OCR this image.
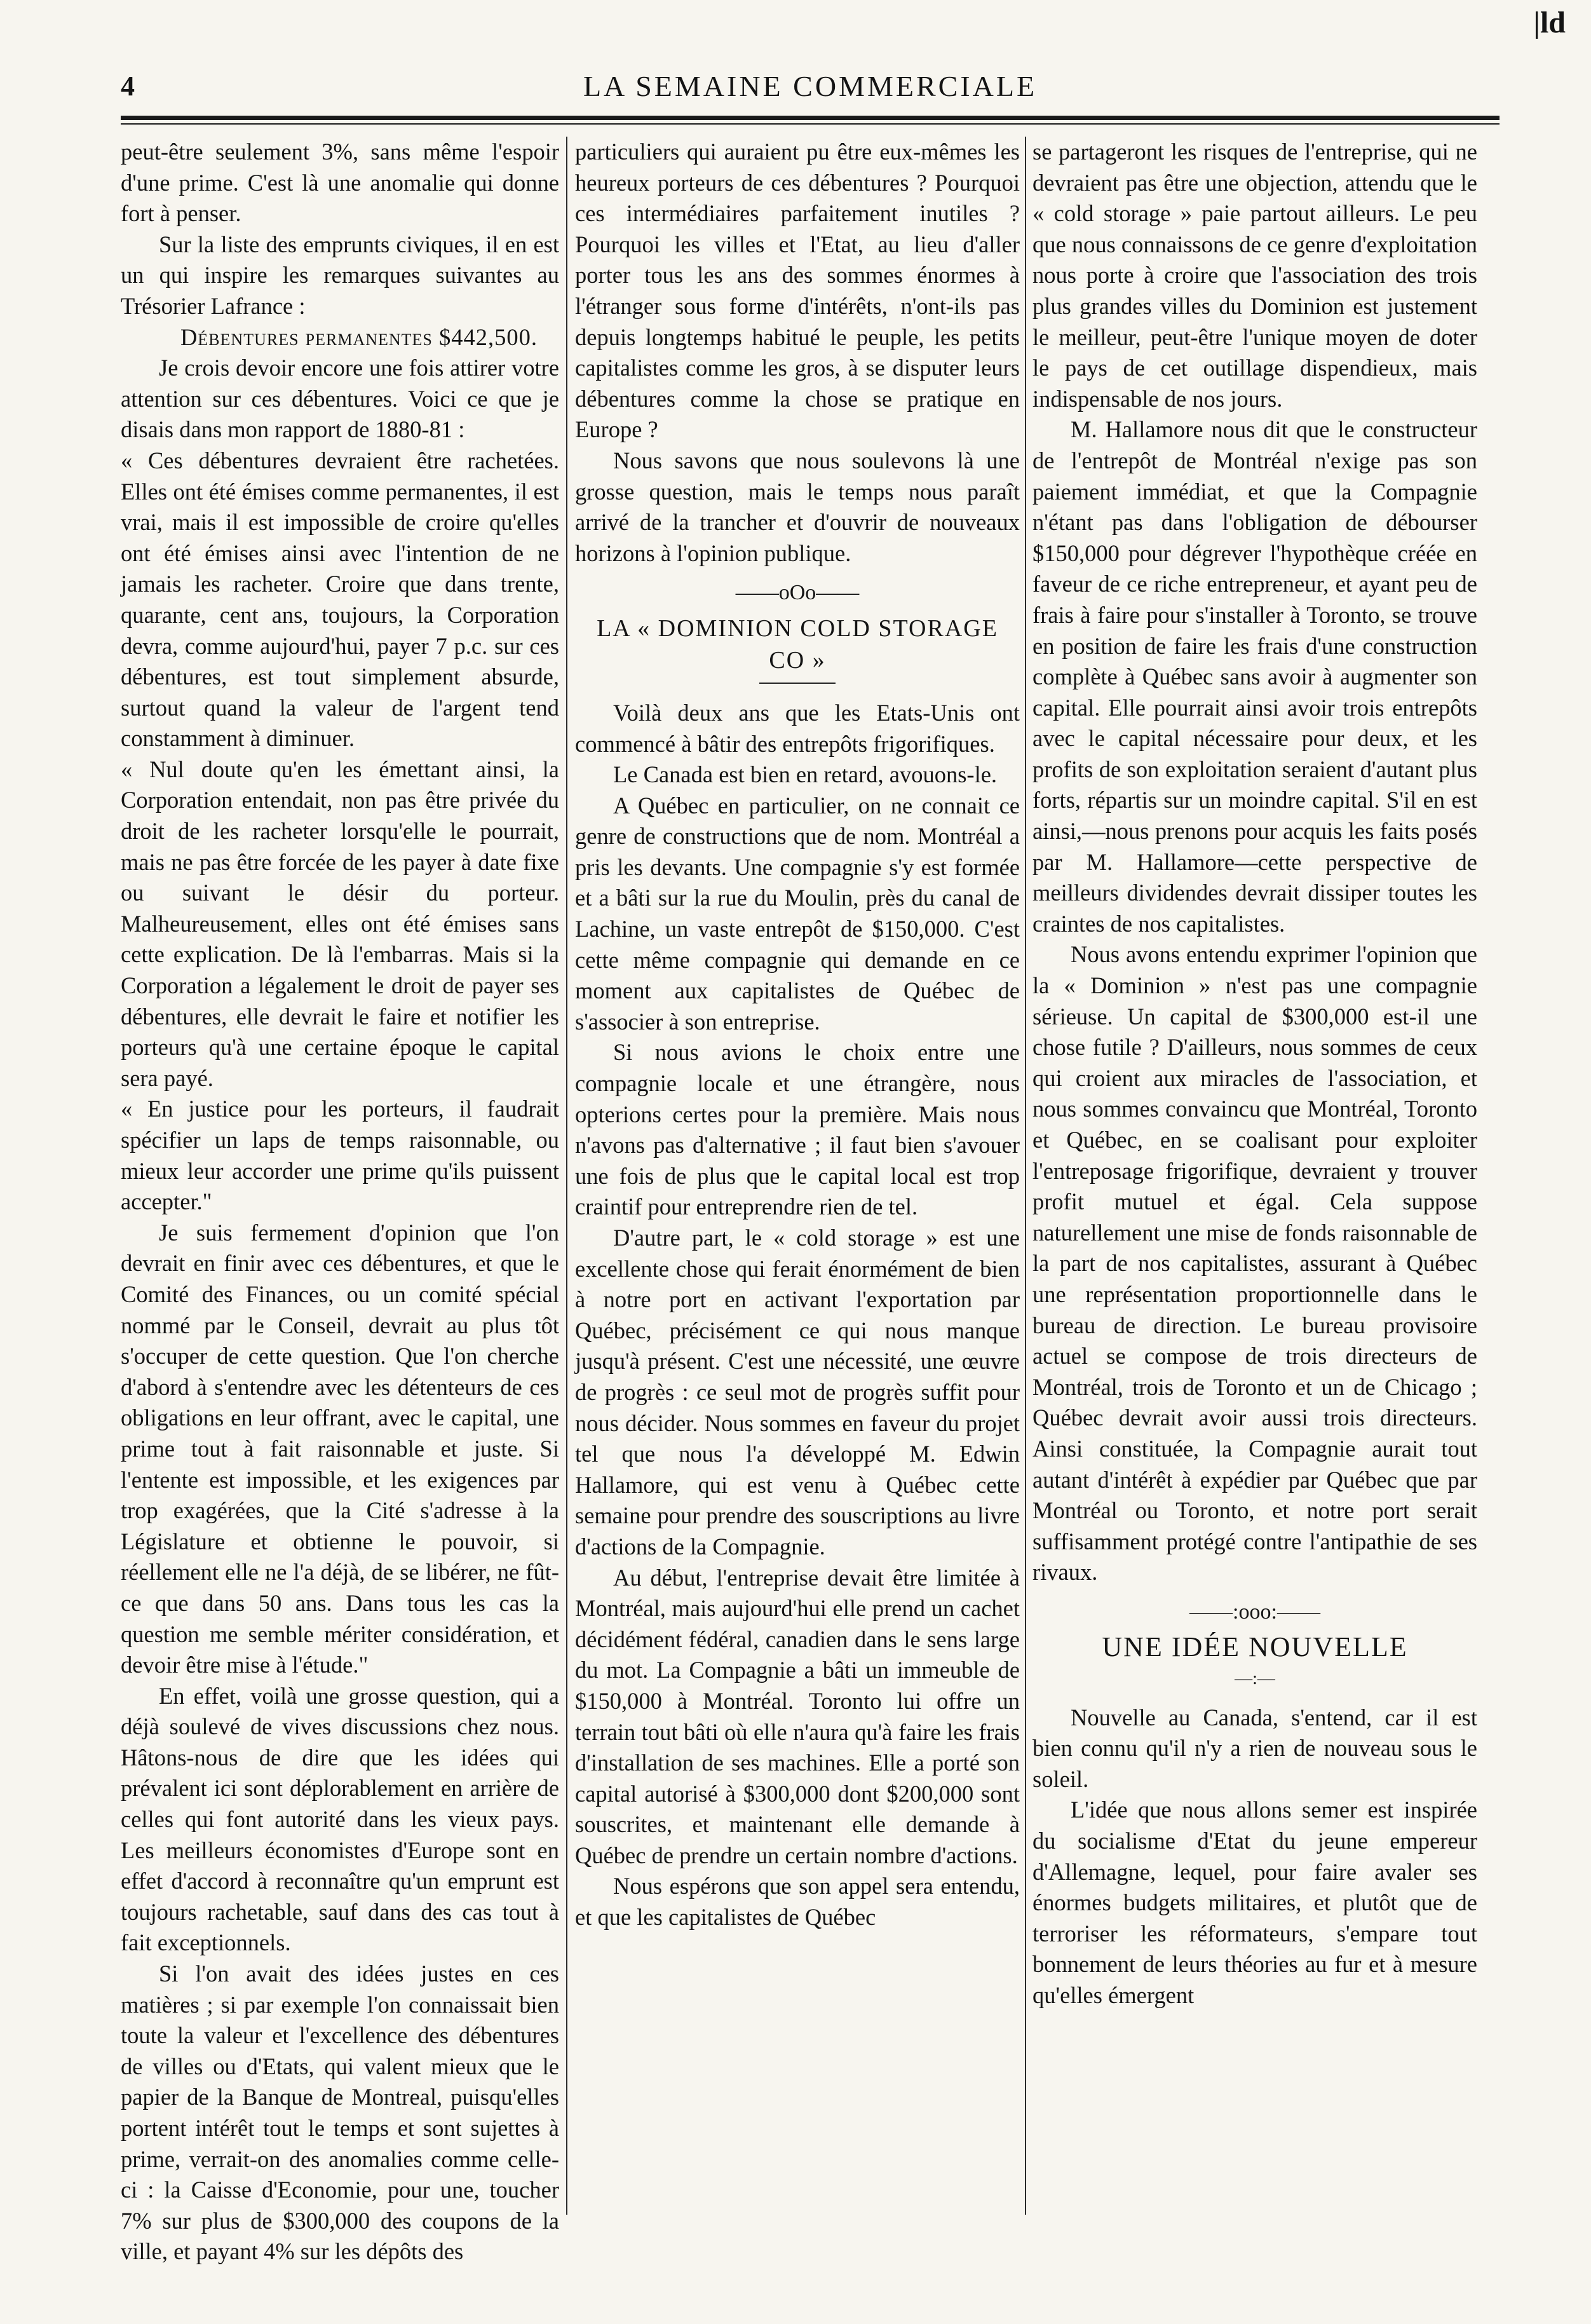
|ld
4	LA SEMAINE COMMERCIALE

peut-être seulement 3%, sans même l'espoir d'une prime. C'est là une anomalie qui donne fort à penser.

Sur la liste des emprunts civiques, il en est un qui inspire les remarques suivantes au Trésorier Lafrance :

Débentures permanentes $442,500.

Je crois devoir encore une fois attirer votre attention sur ces débentures. Voici ce que je disais dans mon rapport de 1880-81 :

« Ces débentures devraient être rachetées. Elles ont été émises comme permanentes, il est vrai, mais il est impossible de croire qu'elles ont été émises ainsi avec l'intention de ne jamais les racheter. Croire que dans trente, quarante, cent ans, toujours, la Corporation devra, comme aujourd'hui, payer 7 p.c. sur ces débentures, est tout simplement absurde, surtout quand la valeur de l'argent tend constamment à diminuer.

« Nul doute qu'en les émettant ainsi, la Corporation entendait, non pas être privée du droit de les racheter lorsqu'elle le pourrait, mais ne pas être forcée de les payer à date fixe ou suivant le désir du porteur. Malheureusement, elles ont été émises sans cette explication. De là l'embarras. Mais si la Corporation a légalement le droit de payer ses débentures, elle devrait le faire et notifier les porteurs qu'à une certaine époque le capital sera payé.

« En justice pour les porteurs, il faudrait spécifier un laps de temps raisonnable, ou mieux leur accorder une prime qu'ils puissent accepter."

Je suis fermement d'opinion que l'on devrait en finir avec ces débentures, et que le Comité des Finances, ou un comité spécial nommé par le Conseil, devrait au plus tôt s'occuper de cette question. Que l'on cherche d'abord à s'entendre avec les détenteurs de ces obligations en leur offrant, avec le capital, une prime tout à fait raisonnable et juste. Si l'entente est impossible, et les exigences par trop exagérées, que la Cité s'adresse à la Législature et obtienne le pouvoir, si réellement elle ne l'a déjà, de se libérer, ne fût-ce que dans 50 ans. Dans tous les cas la question me semble mériter considération, et devoir être mise à l'étude."

En effet, voilà une grosse question, qui a déjà soulevé de vives discussions chez nous. Hâtons-nous de dire que les idées qui prévalent ici sont déplorablement en arrière de celles qui font autorité dans les vieux pays. Les meilleurs économistes d'Europe sont en effet d'accord à reconnaître qu'un emprunt est toujours rachetable, sauf dans des cas tout à fait exceptionnels.

Si l'on avait des idées justes en ces matières ; si par exemple l'on connaissait bien toute la valeur et l'excellence des débentures de villes ou d'Etats, qui valent mieux que le papier de la Banque de Montreal, puisqu'elles portent intérêt tout le temps et sont sujettes à prime, verrait-on des anomalies comme celle-ci : la Caisse d'Economie, pour une, toucher 7% sur plus de $300,000 des coupons de la ville, et payant 4% sur les dépôts des

particuliers qui auraient pu être eux-mêmes les heureux porteurs de ces débentures ? Pourquoi ces intermédiaires parfaitement inutiles ? Pourquoi les villes et l'Etat, au lieu d'aller porter tous les ans des sommes énormes à l'étranger sous forme d'intérêts, n'ont-ils pas depuis longtemps habitué le peuple, les petits capitalistes comme les gros, à se disputer leurs débentures comme la chose se pratique en Europe ?

Nous savons que nous soulevons là une grosse question, mais le temps nous paraît arrivé de la trancher et d'ouvrir de nouveaux horizons à l'opinion publique.

——oOo——
LA « DOMINION COLD STORAGE CO »

Voilà deux ans que les Etats-Unis ont commencé à bâtir des entrepôts frigorifiques.

Le Canada est bien en retard, avouons-le.

A Québec en particulier, on ne connait ce genre de constructions que de nom. Montréal a pris les devants. Une compagnie s'y est formée et a bâti sur la rue du Moulin, près du canal de Lachine, un vaste entrepôt de $150,000. C'est cette même compagnie qui demande en ce moment aux capitalistes de Québec de s'associer à son entreprise.

Si nous avions le choix entre une compagnie locale et une étrangère, nous opterions certes pour la première. Mais nous n'avons pas d'alternative ; il faut bien s'avouer une fois de plus que le capital local est trop craintif pour entreprendre rien de tel.

D'autre part, le « cold storage » est une excellente chose qui ferait énormément de bien à notre port en activant l'exportation par Québec, précisément ce qui nous manque jusqu'à présent. C'est une nécessité, une œuvre de progrès : ce seul mot de progrès suffit pour nous décider. Nous sommes en faveur du projet tel que nous l'a développé M. Edwin Hallamore, qui est venu à Québec cette semaine pour prendre des souscriptions au livre d'actions de la Compagnie.

Au début, l'entreprise devait être limitée à Montréal, mais aujourd'hui elle prend un cachet décidément fédéral, canadien dans le sens large du mot. La Compagnie a bâti un immeuble de $150,000 à Montréal. Toronto lui offre un terrain tout bâti où elle n'aura qu'à faire les frais d'installation de ses machines. Elle a porté son capital autorisé à $300,000 dont $200,000 sont souscrites, et maintenant elle demande à Québec de prendre un certain nombre d'actions.

Nous espérons que son appel sera entendu, et que les capitalistes de Québec

se partageront les risques de l'entreprise, qui ne devraient pas être une objection, attendu que le « cold storage » paie partout ailleurs. Le peu que nous connaissons de ce genre d'exploitation nous porte à croire que l'association des trois plus grandes villes du Dominion est justement le meilleur, peut-être l'unique moyen de doter le pays de cet outillage dispendieux, mais indispensable de nos jours.

M. Hallamore nous dit que le constructeur de l'entrepôt de Montréal n'exige pas son paiement immédiat, et que la Compagnie n'étant pas dans l'obligation de débourser $150,000 pour dégrever l'hypothèque créée en faveur de ce riche entrepreneur, et ayant peu de frais à faire pour s'installer à Toronto, se trouve en position de faire les frais d'une construction complète à Québec sans avoir à augmenter son capital. Elle pourrait ainsi avoir trois entrepôts avec le capital nécessaire pour deux, et les profits de son exploitation seraient d'autant plus forts, répartis sur un moindre capital. S'il en est ainsi,—nous prenons pour acquis les faits posés par M. Hallamore—cette perspective de meilleurs dividendes devrait dissiper toutes les craintes de nos capitalistes.

Nous avons entendu exprimer l'opinion que la « Dominion » n'est pas une compagnie sérieuse. Un capital de $300,000 est-il une chose futile ? D'ailleurs, nous sommes de ceux qui croient aux miracles de l'association, et nous sommes convaincu que Montréal, Toronto et Québec, en se coalisant pour exploiter l'entreposage frigorifique, devraient y trouver profit mutuel et égal. Cela suppose naturellement une mise de fonds raisonnable de la part de nos capitalistes, assurant à Québec une représentation proportionnelle dans le bureau de direction. Le bureau provisoire actuel se compose de trois directeurs de Montréal, trois de Toronto et un de Chicago ; Québec devrait avoir aussi trois directeurs. Ainsi constituée, la Compagnie aurait tout autant d'intérêt à expédier par Québec que par Montréal ou Toronto, et notre port serait suffisamment protégé contre l'antipathie de ses rivaux.

——:ooo:——
UNE IDÉE NOUVELLE
—:—

Nouvelle au Canada, s'entend, car il est bien connu qu'il n'y a rien de nouveau sous le soleil.

L'idée que nous allons semer est inspirée du socialisme d'Etat du jeune empereur d'Allemagne, lequel, pour faire avaler ses énormes budgets militaires, et plutôt que de terroriser les réformateurs, s'empare tout bonnement de leurs théories au fur et à mesure qu'elles émergent
